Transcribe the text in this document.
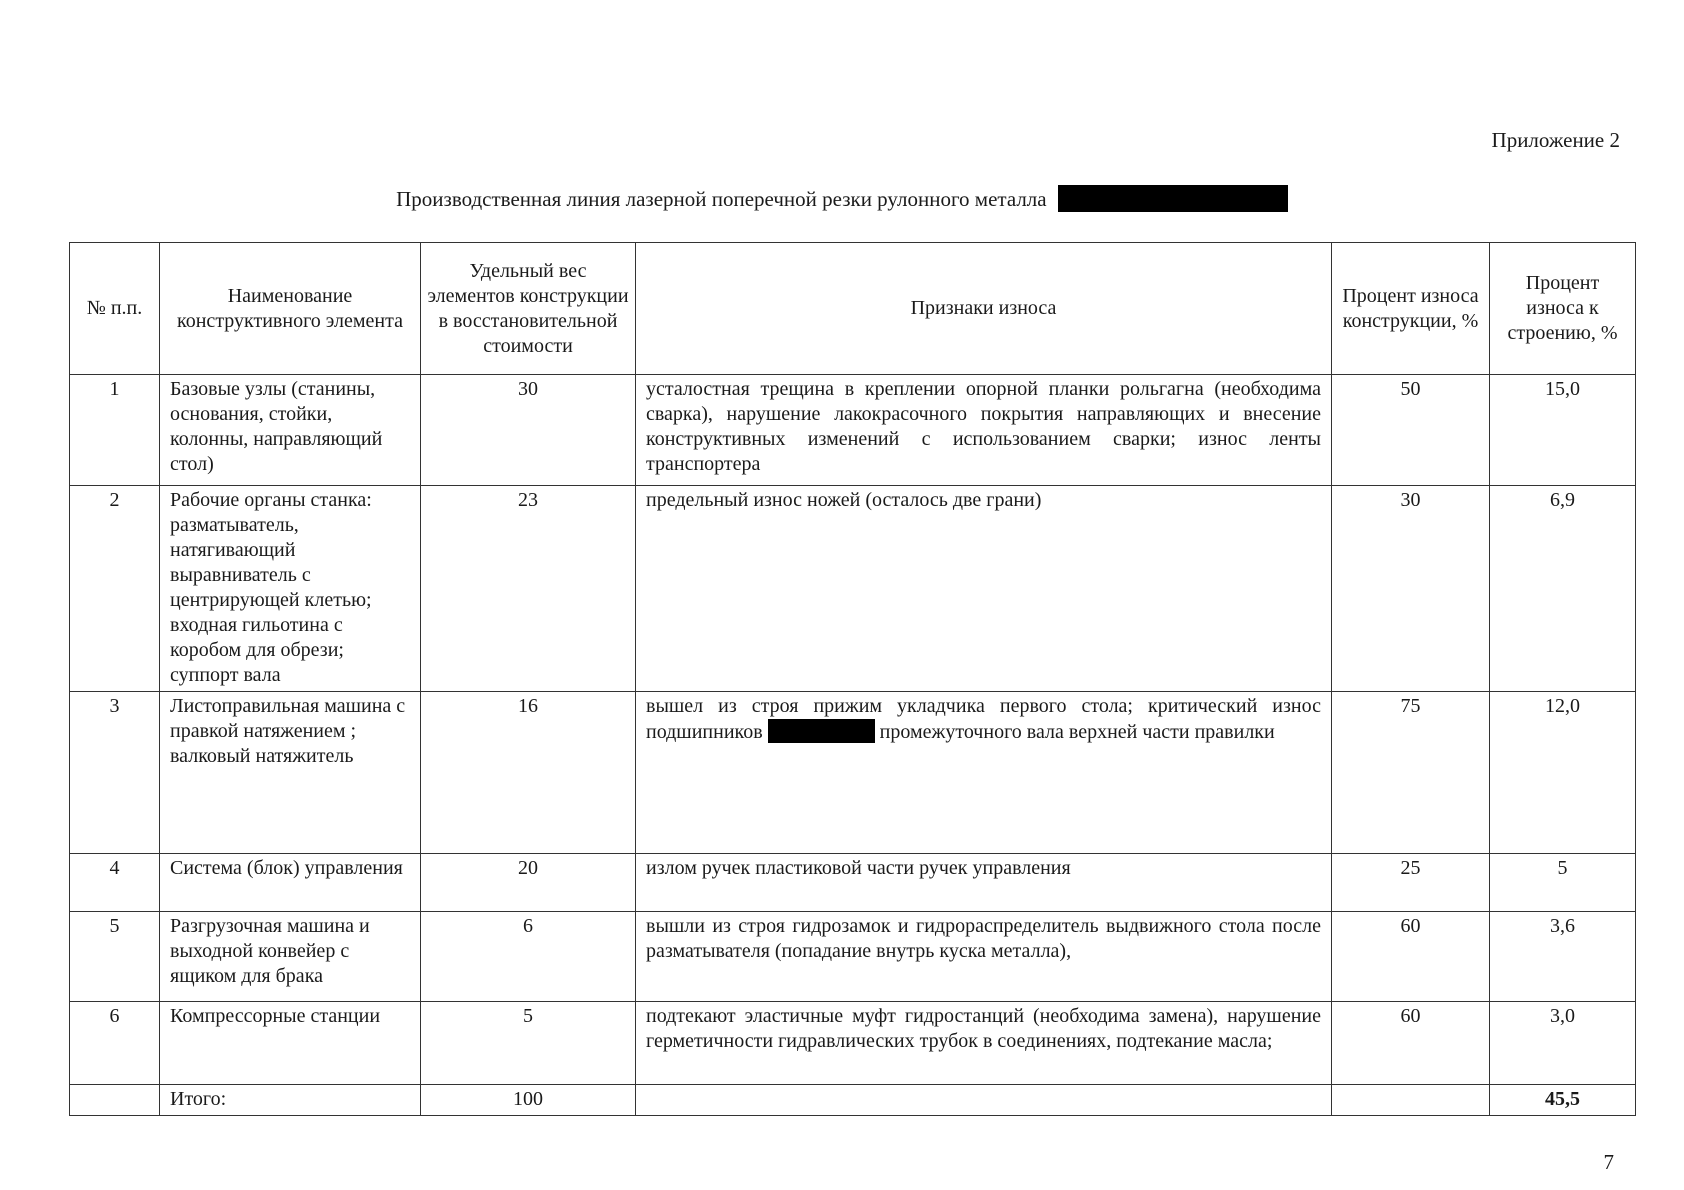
Приложение 2
Производственная линия лазерной поперечной резки рулонного металла
№ п.п.	Наименование конструктивного элемента	Удельный вес элементов конструкции в восстановительной стоимости	Признаки износа	Процент износа конструкции, %	Процент износа к строению, %
1	Базовые узлы (станины, основания, стойки, колонны, направляющий стол)	30	усталостная трещина в креплении опорной планки рольгагна (необходима сварка), нарушение лакокрасочного покрытия направляющих и внесение конструктивных изменений с использованием сварки; износ ленты транспортера	50	15,0
2	Рабочие органы станка: разматыватель, натягивающий выравниватель с центрирующей клетью; входная гильотина с коробом для обрези; суппорт вала	23	предельный износ ножей (осталось две грани)	30	6,9
3	Листоправильная машина с правкой натяжением ; валковый натяжитель	16	вышел из строя прижим укладчика первого стола; критический износ подшипников промежуточного вала верхней части правилки	75	12,0
4	Система (блок) управления	20	излом ручек пластиковой части ручек управления	25	5
5	Разгрузочная машина и выходной конвейер с ящиком для брака	6	вышли из строя гидрозамок и гидрораспределитель выдвижного стола после разматывателя (попадание внутрь куска металла),	60	3,6
6	Компрессорные станции	5	подтекают эластичные муфт гидростанций (необходима замена), нарушение герметичности гидравлических трубок в соединениях, подтекание масла;	60	3,0
	Итого:	100			45,5
7
